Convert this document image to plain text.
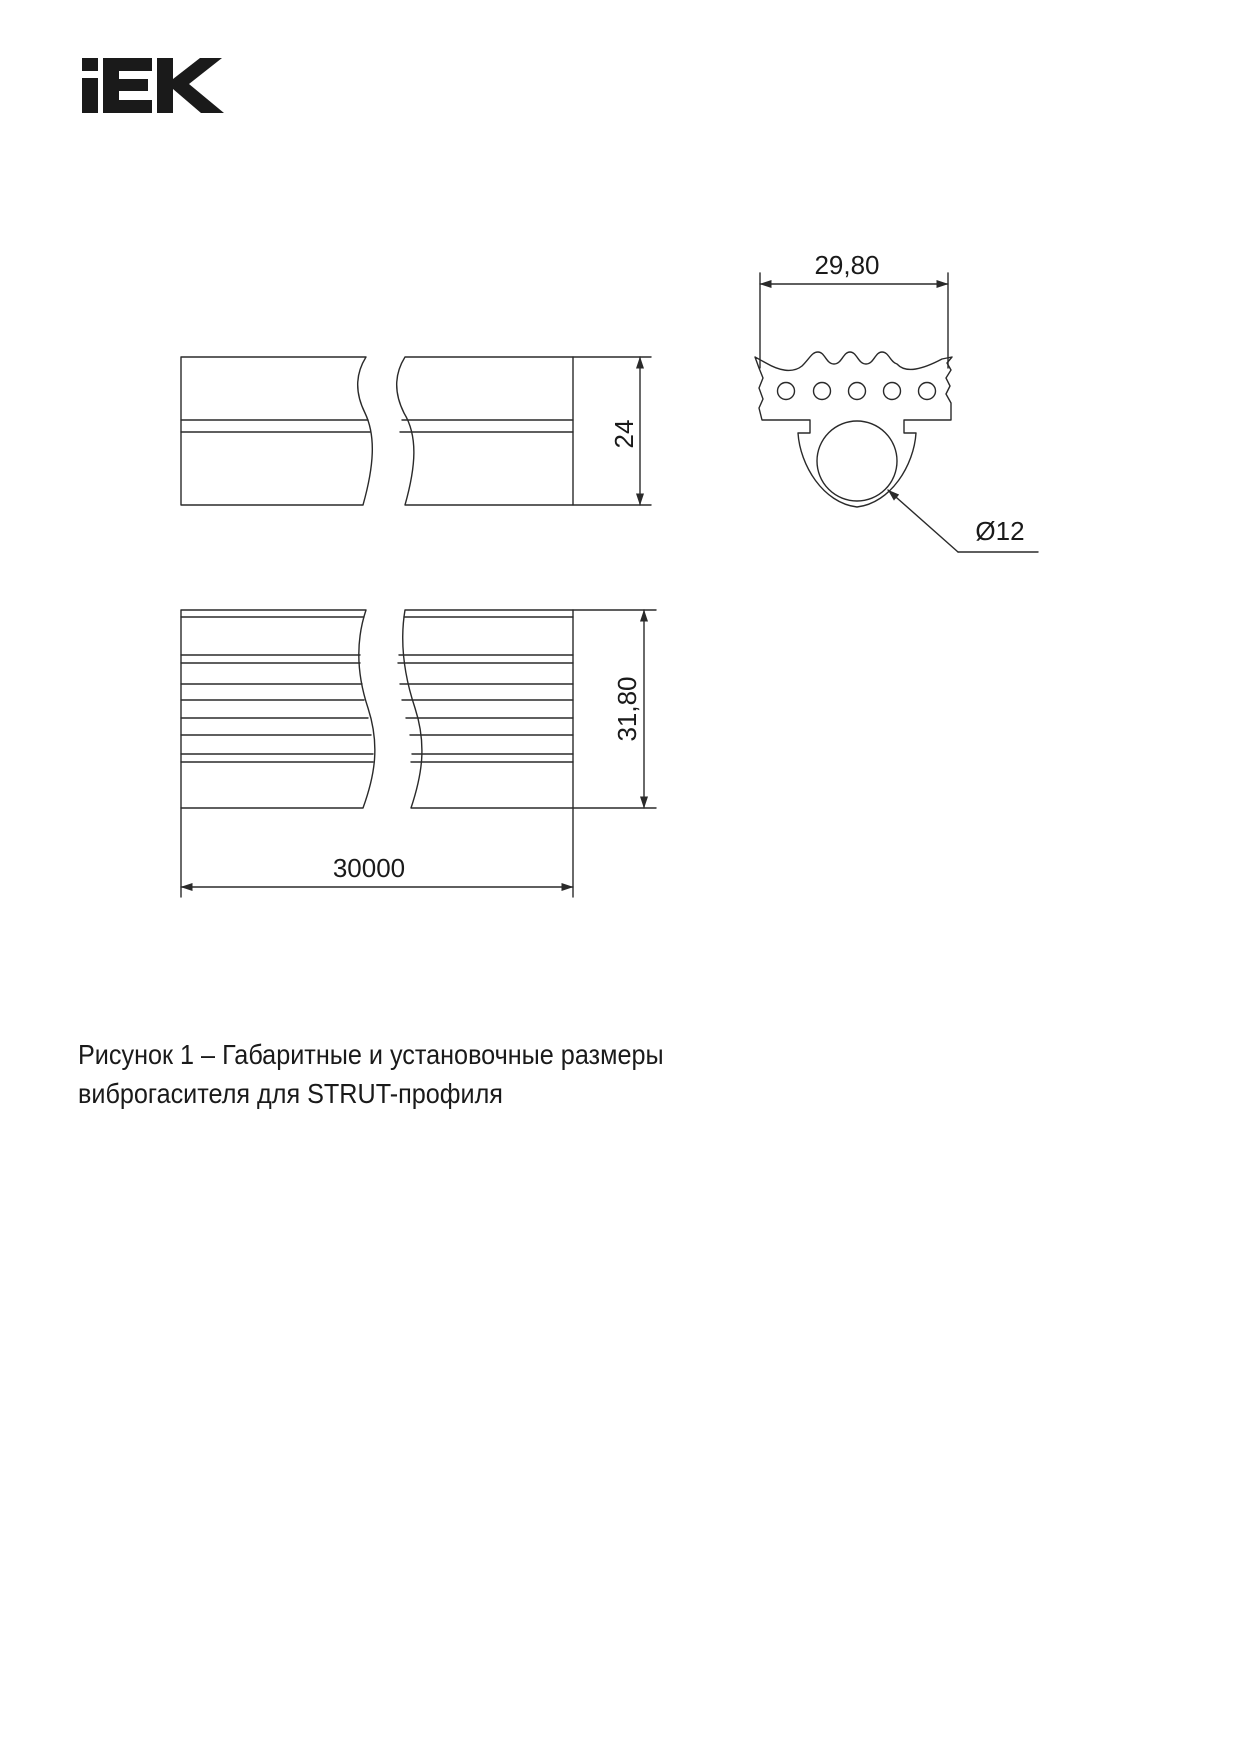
24
31,80
30000
29,80
Ø12
Рисунок 1 – Габаритные и установочные размеры
виброгасителя для STRUT-профиля
